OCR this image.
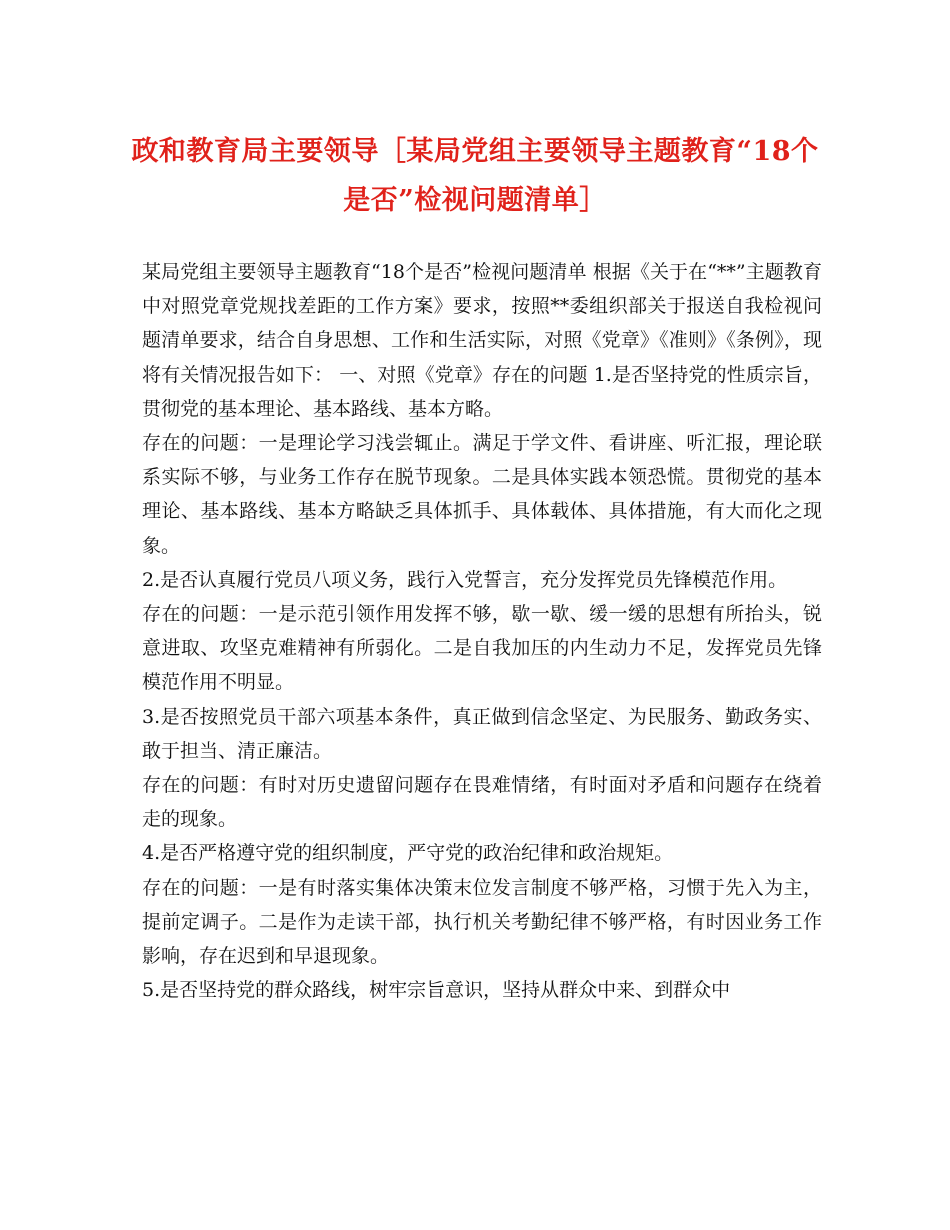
政和教育局主要领导［某局党组主要领导主题教育“18个是否”检视问题清单］

某局党组主要领导主题教育“18个是否”检视问题清单 根据《关于在“**”主题教育中对照党章党规找差距的工作方案》要求，按照**委组织部关于报送自我检视问题清单要求，结合自身思想、工作和生活实际，对照《党章》《准则》《条例》，现将有关情况报告如下： 一、对照《党章》存在的问题 1.是否坚持党的性质宗旨，贯彻党的基本理论、基本路线、基本方略。

存在的问题：一是理论学习浅尝辄止。满足于学文件、看讲座、听汇报，理论联系实际不够，与业务工作存在脱节现象。二是具体实践本领恐慌。贯彻党的基本理论、基本路线、基本方略缺乏具体抓手、具体载体、具体措施，有大而化之现象。

2.是否认真履行党员八项义务，践行入党誓言，充分发挥党员先锋模范作用。

存在的问题：一是示范引领作用发挥不够，歇一歇、缓一缓的思想有所抬头，锐意进取、攻坚克难精神有所弱化。二是自我加压的内生动力不足，发挥党员先锋模范作用不明显。

3.是否按照党员干部六项基本条件，真正做到信念坚定、为民服务、勤政务实、敢于担当、清正廉洁。

存在的问题：有时对历史遗留问题存在畏难情绪，有时面对矛盾和问题存在绕着走的现象。

4.是否严格遵守党的组织制度，严守党的政治纪律和政治规矩。

存在的问题：一是有时落实集体决策末位发言制度不够严格，习惯于先入为主，提前定调子。二是作为走读干部，执行机关考勤纪律不够严格，有时因业务工作影响，存在迟到和早退现象。

5.是否坚持党的群众路线，树牢宗旨意识，坚持从群众中来、到群众中
